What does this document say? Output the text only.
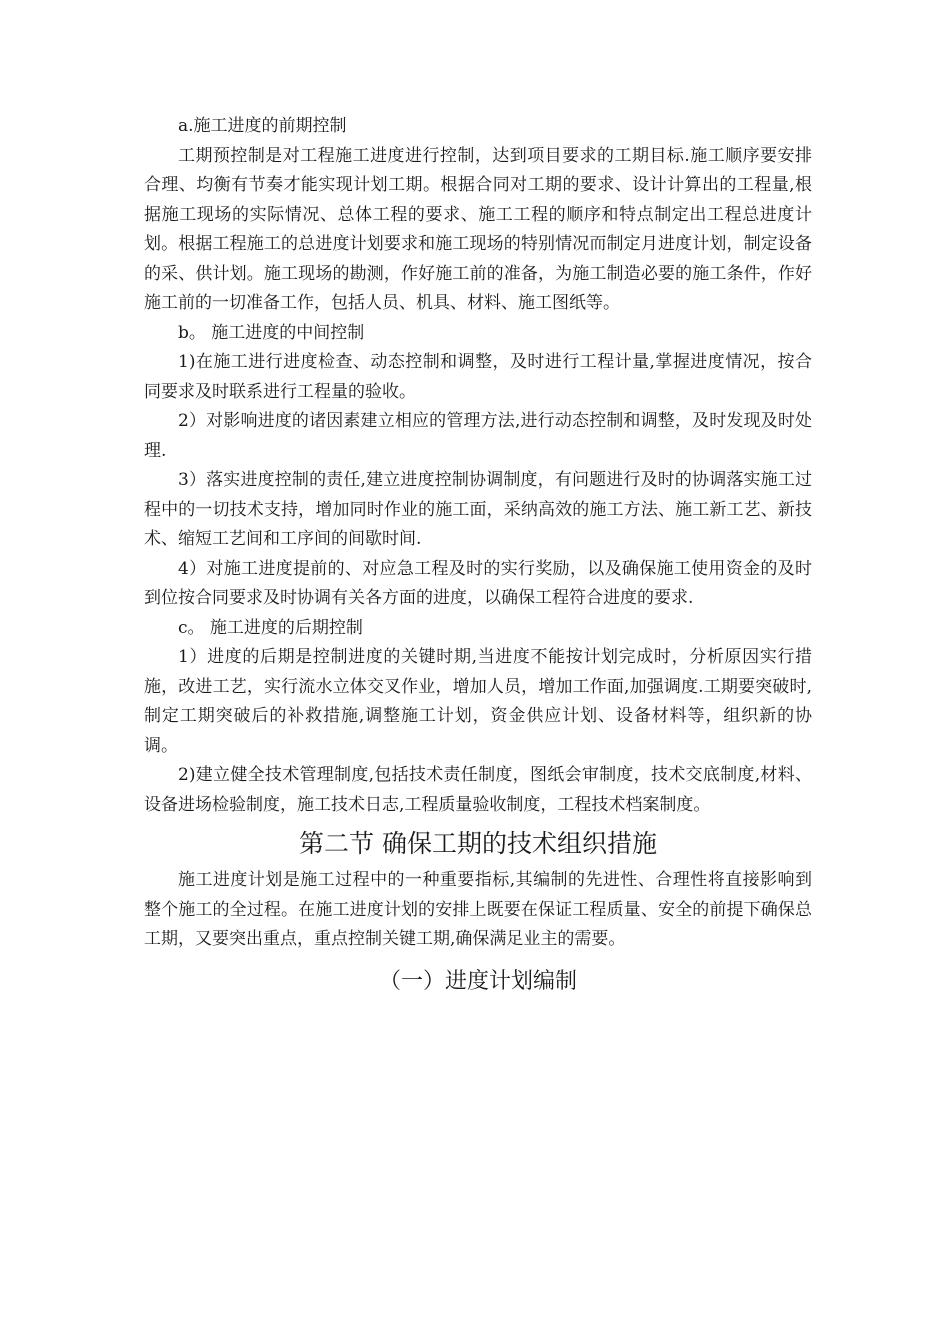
a.施工进度的前期控制

工期预控制是对工程施工进度进行控制，达到项目要求的工期目标.施工顺序要安排合理、均衡有节奏才能实现计划工期。根据合同对工期的要求、设计计算出的工程量,根据施工现场的实际情况、总体工程的要求、施工工程的顺序和特点制定出工程总进度计划。根据工程施工的总进度计划要求和施工现场的特别情况而制定月进度计划，制定设备的采、供计划。施工现场的勘测，作好施工前的准备，为施工制造必要的施工条件，作好施工前的一切准备工作，包括人员、机具、材料、施工图纸等。

b。 施工进度的中间控制

1)在施工进行进度检查、动态控制和调整，及时进行工程计量,掌握进度情况，按合同要求及时联系进行工程量的验收。

2）对影响进度的诸因素建立相应的管理方法,进行动态控制和调整，及时发现及时处理.

3）落实进度控制的责任,建立进度控制协调制度，有问题进行及时的协调落实施工过程中的一切技术支持，增加同时作业的施工面，采纳高效的施工方法、施工新工艺、新技术、缩短工艺间和工序间的间歇时间.

4）对施工进度提前的、对应急工程及时的实行奖励，以及确保施工使用资金的及时到位按合同要求及时协调有关各方面的进度，以确保工程符合进度的要求.

c。 施工进度的后期控制

1）进度的后期是控制进度的关键时期,当进度不能按计划完成时，分析原因实行措施，改进工艺，实行流水立体交叉作业，增加人员，增加工作面,加强调度.工期要突破时,制定工期突破后的补救措施,调整施工计划，资金供应计划、设备材料等，组织新的协调。

2)建立健全技术管理制度,包括技术责任制度，图纸会审制度，技术交底制度,材料、设备进场检验制度，施工技术日志,工程质量验收制度，工程技术档案制度。

第二节 确保工期的技术组织措施

施工进度计划是施工过程中的一种重要指标,其编制的先进性、合理性将直接影响到整个施工的全过程。在施工进度计划的安排上既要在保证工程质量、安全的前提下确保总工期，又要突出重点，重点控制关键工期,确保满足业主的需要。

（一）进度计划编制
